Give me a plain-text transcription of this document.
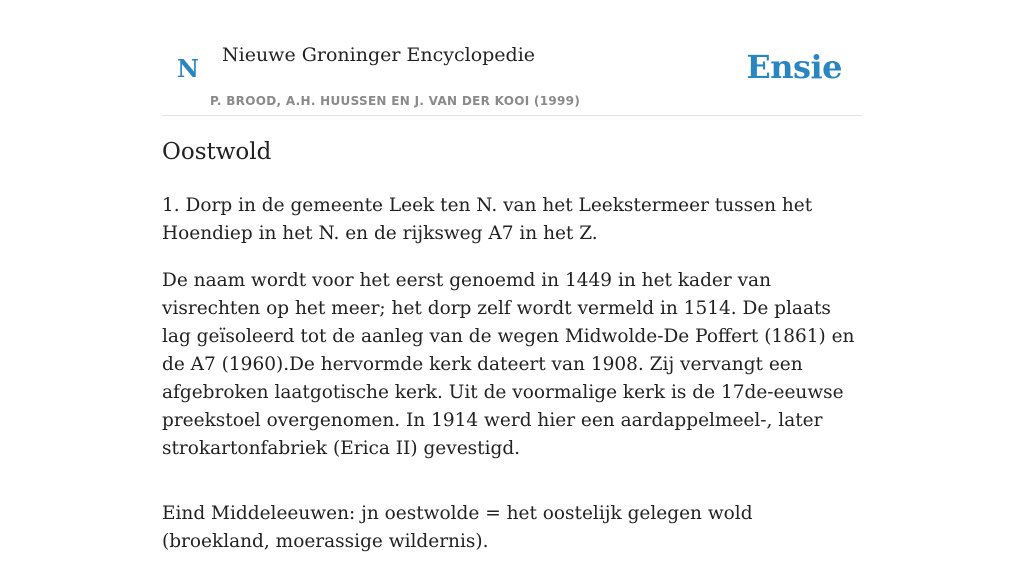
N Nieuwe Groninger Encyclopedie
P. BROOD, A.H. HUUSSEN EN J. VAN DER KOOI (1999)
Ensie
Oostwold

1. Dorp in de gemeente Leek ten N. van het Leekstermeer tussen het Hoendiep in het N. en de rijksweg A7 in het Z.

De naam wordt voor het eerst genoemd in 1449 in het kader van visrechten op het meer; het dorp zelf wordt vermeld in 1514. De plaats lag geïsoleerd tot de aanleg van de wegen Midwolde-De Poffert (1861) en de A7 (1960).De hervormde kerk dateert van 1908. Zij vervangt een afgebroken laatgotische kerk. Uit de voormalige kerk is de 17de-eeuwse preekstoel overgenomen. In 1914 werd hier een aardappelmeel-, later strokartonfabriek (Erica II) gevestigd.

Eind Middeleeuwen: jn oestwolde = het oostelijk gelegen wold (broekland, moerassige wildernis).
